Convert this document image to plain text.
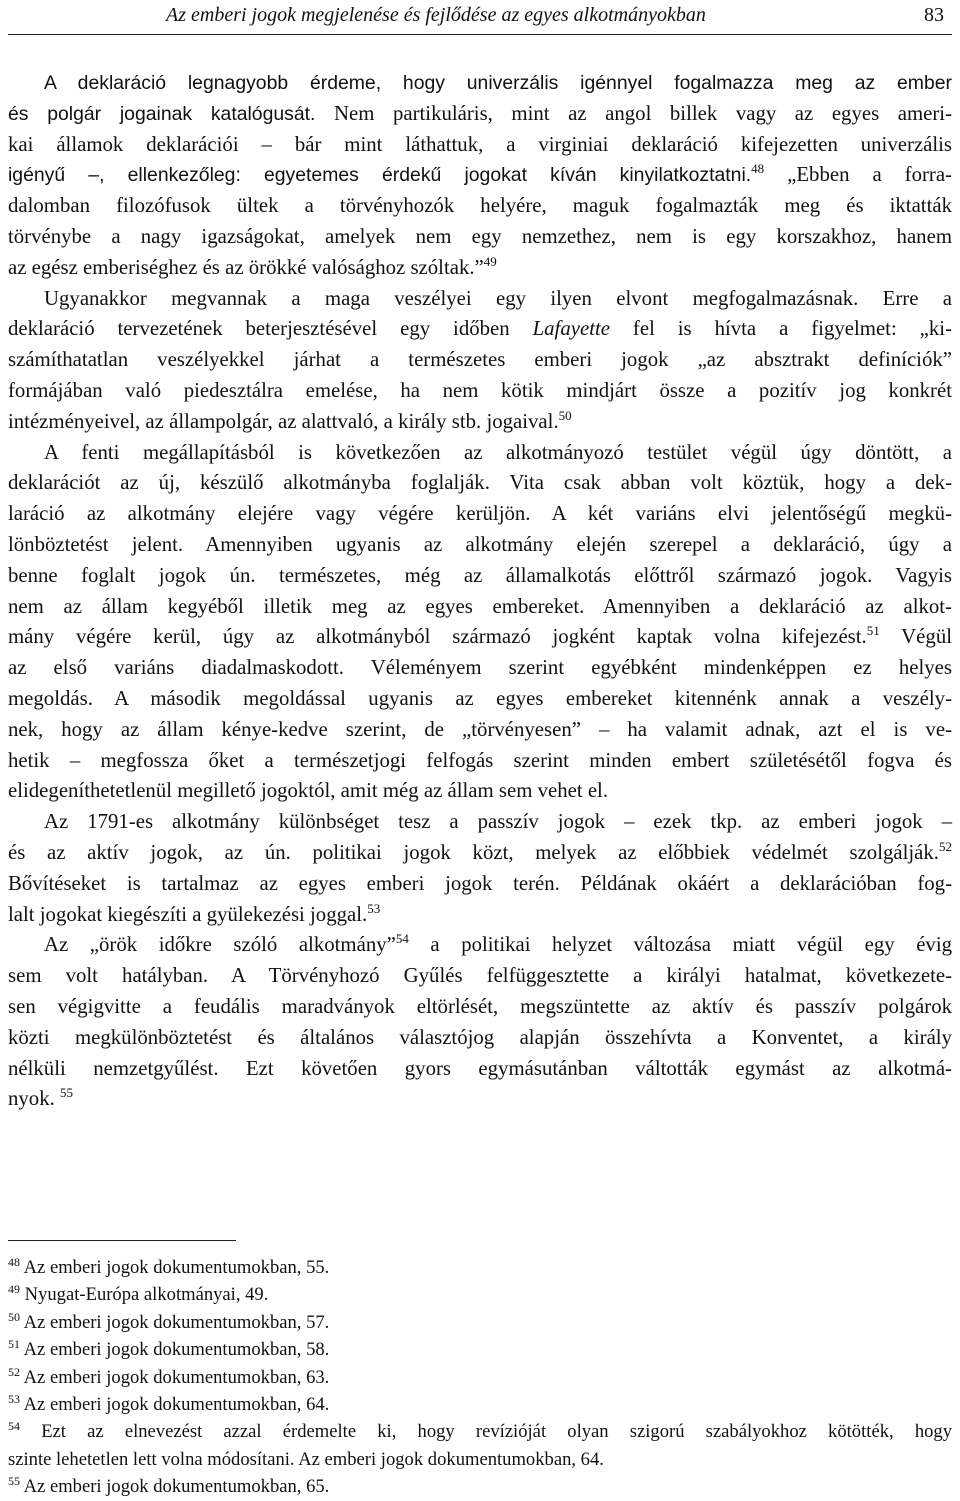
Az emberi jogok megjelenése és fejlődése az egyes alkotmányokban	83
A deklaráció legnagyobb érdeme, hogy univerzális igénnyel fogalmazza meg az ember
és polgár jogainak katalógusát. Nem partikuláris, mint az angol billek vagy az egyes ameri-
kai államok deklarációi – bár mint láthattuk, a virginiai deklaráció kifejezetten univerzális
igényű –, ellenkezőleg: egyetemes érdekű jogokat kíván kinyilatkoztatni.$^{48}$ „Ebben a forra-
dalomban filozófusok ültek a törvényhozók helyére, maguk fogalmazták meg és iktatták
törvénybe a nagy igazságokat, amelyek nem egy nemzethez, nem is egy korszakhoz, hanem
az egész emberiséghez és az örökké valósághoz szóltak.”$^{49}$
Ugyanakkor megvannak a maga veszélyei egy ilyen elvont megfogalmazásnak. Erre a
deklaráció tervezetének beterjesztésével egy időben Lafayette fel is hívta a figyelmet: „ki-
számíthatatlan veszélyekkel járhat a természetes emberi jogok „az absztrakt definíciók”
formájában való piedesztálra emelése, ha nem kötik mindjárt össze a pozitív jog konkrét
intézményeivel, az állampolgár, az alattvaló, a király stb. jogaival.$^{50}$
A fenti megállapításból is következően az alkotmányozó testület végül úgy döntött, a
deklarációt az új, készülő alkotmányba foglalják. Vita csak abban volt köztük, hogy a dek-
laráció az alkotmány elejére vagy végére kerüljön. A két variáns elvi jelentőségű megkü-
lönböztetést jelent. Amennyiben ugyanis az alkotmány elején szerepel a deklaráció, úgy a
benne foglalt jogok ún. természetes, még az államalkotás előttről származó jogok. Vagyis
nem az állam kegyéből illetik meg az egyes embereket. Amennyiben a deklaráció az alkot-
mány végére kerül, úgy az alkotmányból származó jogként kaptak volna kifejezést.$^{51}$ Végül
az első variáns diadalmaskodott. Véleményem szerint egyébként mindenképpen ez helyes
megoldás. A második megoldással ugyanis az egyes embereket kitennénk annak a veszély-
nek, hogy az állam kénye-kedve szerint, de „törvényesen” – ha valamit adnak, azt el is ve-
hetik – megfossza őket a természetjogi felfogás szerint minden embert születésétől fogva és
elidegeníthetetlenül megillető jogoktól, amit még az állam sem vehet el.
Az 1791-es alkotmány különbséget tesz a passzív jogok – ezek tkp. az emberi jogok –
és az aktív jogok, az ún. politikai jogok közt, melyek az előbbiek védelmét szolgálják.$^{52}$
Bővítéseket is tartalmaz az egyes emberi jogok terén. Példának okáért a deklarációban fog-
lalt jogokat kiegészíti a gyülekezési joggal.$^{53}$
Az „örök időkre szóló alkotmány”$^{54}$ a politikai helyzet változása miatt végül egy évig
sem volt hatályban. A Törvényhozó Gyűlés felfüggesztette a királyi hatalmat, következete-
sen végigvitte a feudális maradványok eltörlését, megszüntette az aktív és passzív polgárok
közti megkülönböztetést és általános választójog alapján összehívta a Konventet, a király
nélküli nemzetgyűlést. Ezt követően gyors egymásutánban váltották egymást az alkotmá-
nyok. $^{55}$
$^{48}$ Az emberi jogok dokumentumokban, 55.
$^{49}$ Nyugat-Európa alkotmányai, 49.
$^{50}$ Az emberi jogok dokumentumokban, 57.
$^{51}$ Az emberi jogok dokumentumokban, 58.
$^{52}$ Az emberi jogok dokumentumokban, 63.
$^{53}$ Az emberi jogok dokumentumokban, 64.
$^{54}$ Ezt az elnevezést azzal érdemelte ki, hogy revízióját olyan szigorú szabályokhoz kötötték, hogy
szinte lehetetlen lett volna módosítani. Az emberi jogok dokumentumokban, 64.
$^{55}$ Az emberi jogok dokumentumokban, 65.
